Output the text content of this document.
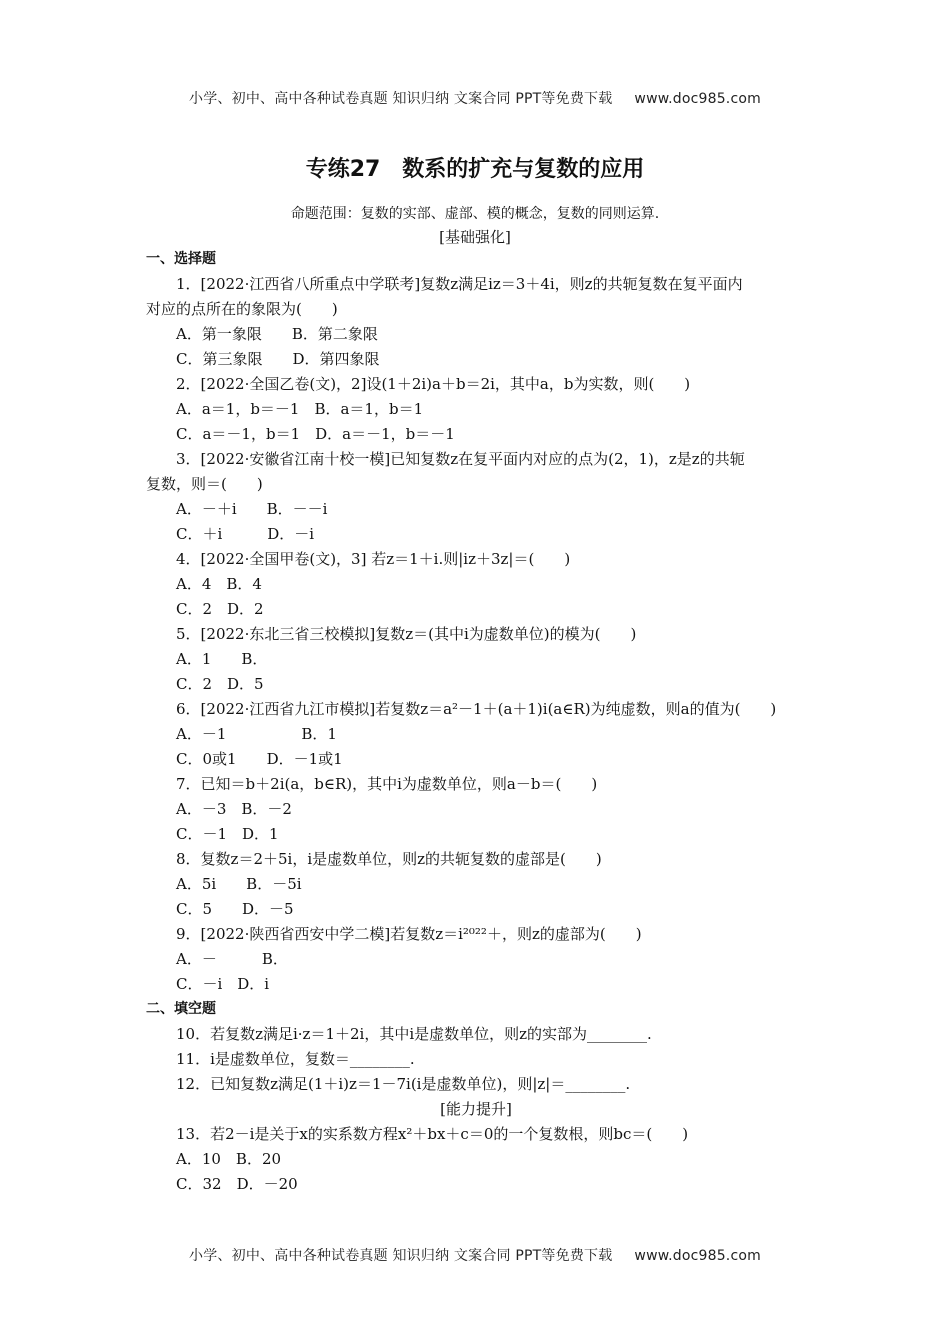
小学、初中、高中各种试卷真题 知识归纳 文案合同 PPT等免费下载 www.doc985.com
专练27　数系的扩充与复数的应用
命题范围：复数的实部、虚部、模的概念，复数的同则运算.
[基础强化]
一、选择题
1．[2022·江西省八所重点中学联考]复数z满足iz＝3＋4i，则z的共轭复数在复平面内
对应的点所在的象限为(　　)
A．第一象限　　B．第二象限
C．第三象限　　D．第四象限
2．[2022·全国乙卷(文)，2]设(1＋2i)a＋b＝2i，其中a，b为实数，则(　　)
A．a＝1，b＝－1　B．a＝1，b＝1
C．a＝－1，b＝1　D．a＝－1，b＝－1
3．[2022·安徽省江南十校一模]已知复数z在复平面内对应的点为(2，1)，z是z的共轭
复数，则＝(　　)
A．－＋i　　B．－－i
C．＋i　　　D．－i
4．[2022·全国甲卷(文)，3] 若z＝1＋i.则|iz＋3z|＝(　　)
A．4　B．4
C．2　D．2
5．[2022·东北三省三校模拟]复数z＝(其中i为虚数单位)的模为(　　)
A．1　　B．
C．2　D．5
6．[2022·江西省九江市模拟]若复数z＝a²－1＋(a＋1)i(a∈R)为纯虚数，则a的值为(　　)
A．－1　　　　　B．1
C．0或1　　D．－1或1
7．已知＝b＋2i(a，b∈R)，其中i为虚数单位，则a－b＝(　　)
A．－3　B．－2
C．－1　D．1
8．复数z＝2＋5i，i是虚数单位，则z的共轭复数的虚部是(　　)
A．5i　　B．－5i
C．5　　D．－5
9．[2022·陕西省西安中学二模]若复数z＝i²⁰²²＋，则z的虚部为(　　)
A．－　　　B．
C．－i　D．i
二、填空题
10．若复数z满足i·z＝1＋2i，其中i是虚数单位，则z的实部为________.
11．i是虚数单位，复数＝________.
12．已知复数z满足(1＋i)z＝1－7i(i是虚数单位)，则|z|＝________.
[能力提升]
13．若2－i是关于x的实系数方程x²＋bx＋c＝0的一个复数根，则bc＝(　　)
A．10　B．20
C．32　D．－20
小学、初中、高中各种试卷真题 知识归纳 文案合同 PPT等免费下载 www.doc985.com
